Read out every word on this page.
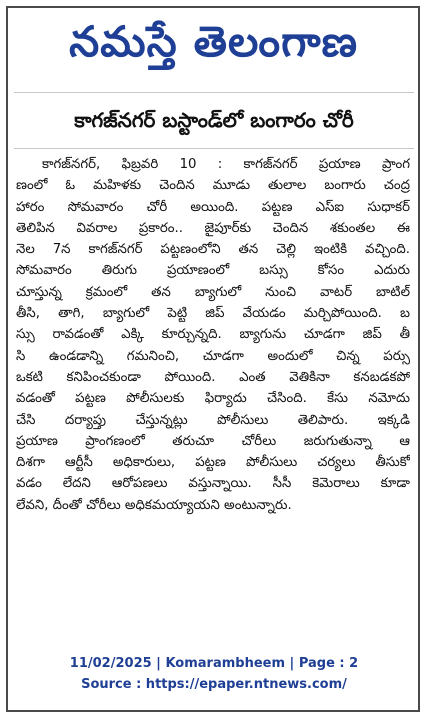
నమస్తే తెలంగాణ
కాగజ్‌నగర్ బస్టాండ్‌లో బంగారం చోరీ
కాగజ్‌నగర్, ఫిబ్రవరి 10 : కాగజ్‌నగర్ ప్రయాణ ప్రాంగ
ణంలో ఓ మహిళకు చెందిన మూడు తులాల బంగారు చంద్ర
హారం సోమవారం చోరీ అయింది. పట్టణ ఎస్‌ఐ సుధాకర్
తెలిపిన వివరాల ప్రకారం.. జైపూర్‌కు చెందిన శకుంతల ఈ
నెల 7న కాగజ్‌నగర్ పట్టణంలోని తన చెల్లి ఇంటికి వచ్చింది.
సోమవారం తిరుగు ప్రయాణంలో బస్సు కోసం ఎదురు
చూస్తున్న క్రమంలో తన బ్యాగులో నుంచి వాటర్ బాటిల్
తీసి, తాగి, బ్యాగులో పెట్టి జిప్ వేయడం మర్చిపోయింది. బ
స్సు రావడంతో ఎక్కి కూర్చున్నది. బ్యాగును చూడగా జిప్ తీ
సి ఉండడాన్ని గమనించి, చూడగా అందులో చిన్న పర్సు
ఒకటి కనిపించకుండా పోయింది. ఎంత వెతికినా కనబడకపో
వడంతో పట్టణ పోలీసులకు ఫిర్యాదు చేసింది. కేసు నమోదు
చేసి దర్యాప్తు చేస్తున్నట్లు పోలీసులు తెలిపారు. ఇక్కడి
ప్రయాణ ప్రాంగణంలో తరుచూ చోరీలు జరుగుతున్నా ఆ
దిశగా ఆర్టీసీ అధికారులు, పట్టణ పోలీసులు చర్యలు తీసుకో
వడం లేదని ఆరోపణలు వస్తున్నాయి. సీసీ కెమెరాలు కూడా
లేవని, దీంతో చోరీలు అధికమయ్యాయని అంటున్నారు.
11/02/2025 | Komarambheem | Page : 2
Source : https://epaper.ntnews.com/
